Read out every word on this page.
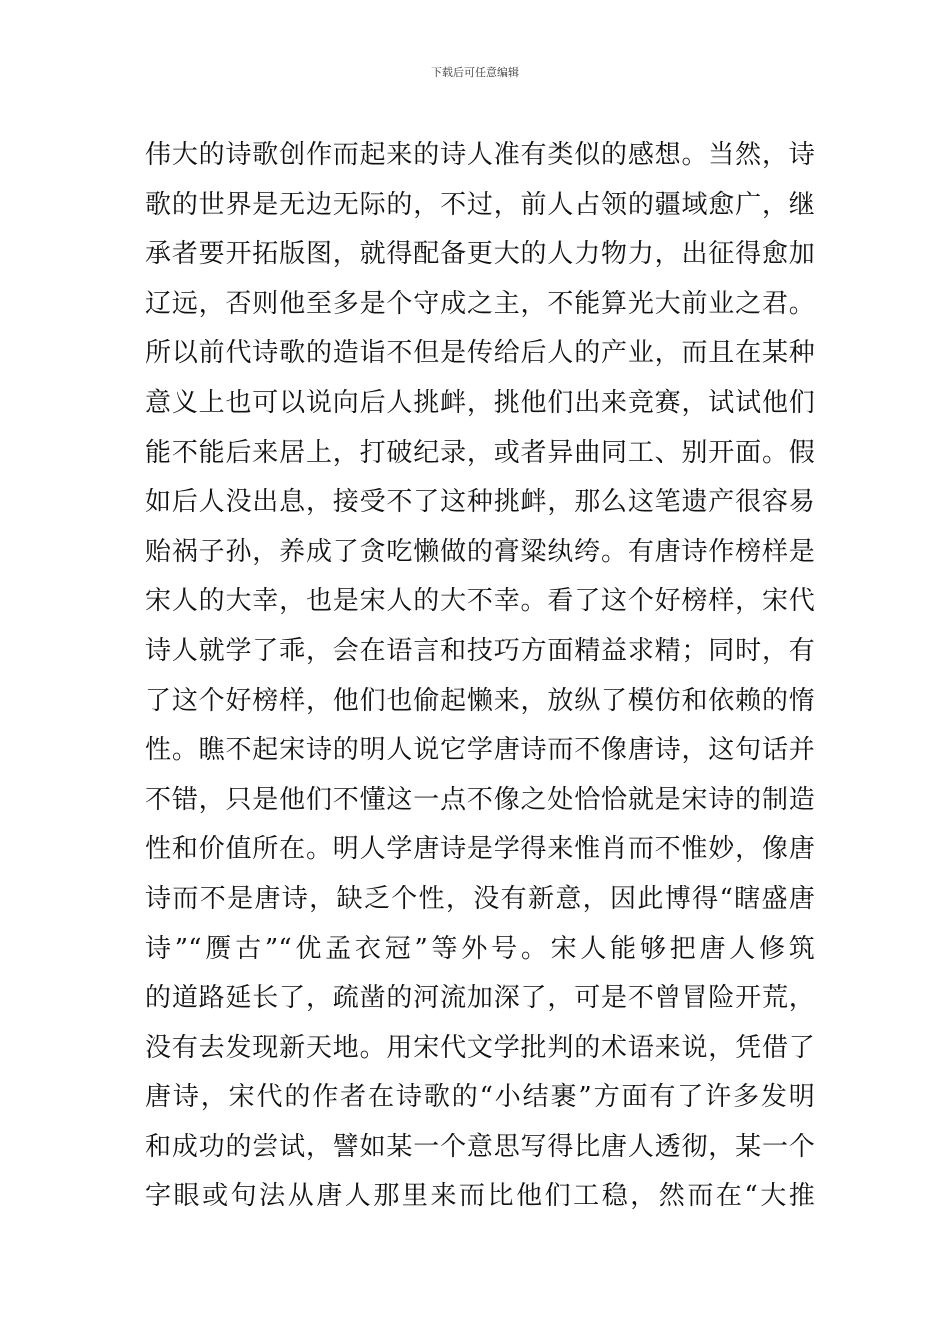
下载后可任意编辑
伟大的诗歌创作而起来的诗人准有类似的感想。当然，诗
歌的世界是无边无际的，不过，前人占领的疆域愈广，继
承者要开拓版图，就得配备更大的人力物力，出征得愈加
辽远，否则他至多是个守成之主，不能算光大前业之君。
所以前代诗歌的造诣不但是传给后人的产业，而且在某种
意义上也可以说向后人挑衅，挑他们出来竞赛，试试他们
能不能后来居上，打破纪录，或者异曲同工、别开面。假
如后人没出息，接受不了这种挑衅，那么这笔遗产很容易
贻祸子孙，养成了贪吃懒做的膏粱纨绔。有唐诗作榜样是
宋人的大幸，也是宋人的大不幸。看了这个好榜样，宋代
诗人就学了乖，会在语言和技巧方面精益求精；同时，有
了这个好榜样，他们也偷起懒来，放纵了模仿和依赖的惰
性。瞧不起宋诗的明人说它学唐诗而不像唐诗，这句话并
不错，只是他们不懂这一点不像之处恰恰就是宋诗的制造
性和价值所在。明人学唐诗是学得来惟肖而不惟妙，像唐
诗而不是唐诗，缺乏个性，没有新意，因此博得“瞎盛唐
诗”“赝古”“优孟衣冠”等外号。宋人能够把唐人修筑
的道路延长了，疏凿的河流加深了，可是不曾冒险开荒，
没有去发现新天地。用宋代文学批判的术语来说，凭借了
唐诗，宋代的作者在诗歌的“小结裹”方面有了许多发明
和成功的尝试，譬如某一个意思写得比唐人透彻，某一个
字眼或句法从唐人那里来而比他们工稳，然而在“大推
